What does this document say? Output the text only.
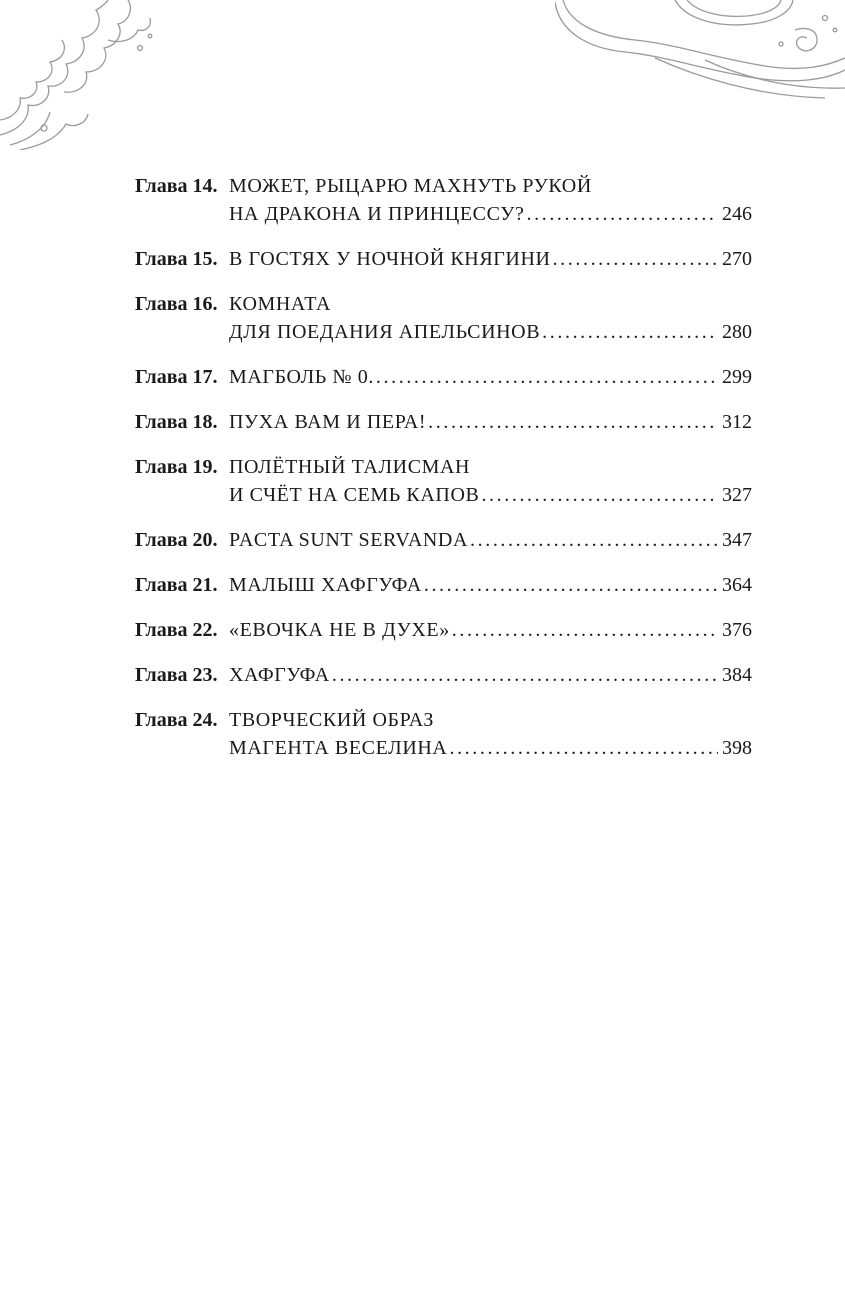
Глава 14. МОЖЕТ, РЫЦАРЮ МАХНУТЬ РУКОЙ
НА ДРАКОНА И ПРИНЦЕССУ? . . .	246
Глава 15. В ГОСТЯХ У НОЧНОЙ КНЯГИНИ . . .	270
Глава 16. КОМНАТА
ДЛЯ ПОЕДАНИЯ АПЕЛЬСИНОВ . . .	280
Глава 17. МАГБОЛЬ № 0. . . .	299
Глава 18. ПУХА ВАМ И ПЕРА! . . .	312
Глава 19. ПОЛЁТНЫЙ ТАЛИСМАН
И СЧЁТ НА СЕМЬ КАПОВ . . .	327
Глава 20. PACTA SUNT SERVANDA . . .	347
Глава 21. МАЛЫШ ХАФГУФА . . .	364
Глава 22. «ЕВОЧКА НЕ В ДУХЕ» . . .	376
Глава 23. ХАФГУФА . . .	384
Глава 24. ТВОРЧЕСКИЙ ОБРАЗ
МАГЕНТА ВЕСЕЛИНА . . .	398
